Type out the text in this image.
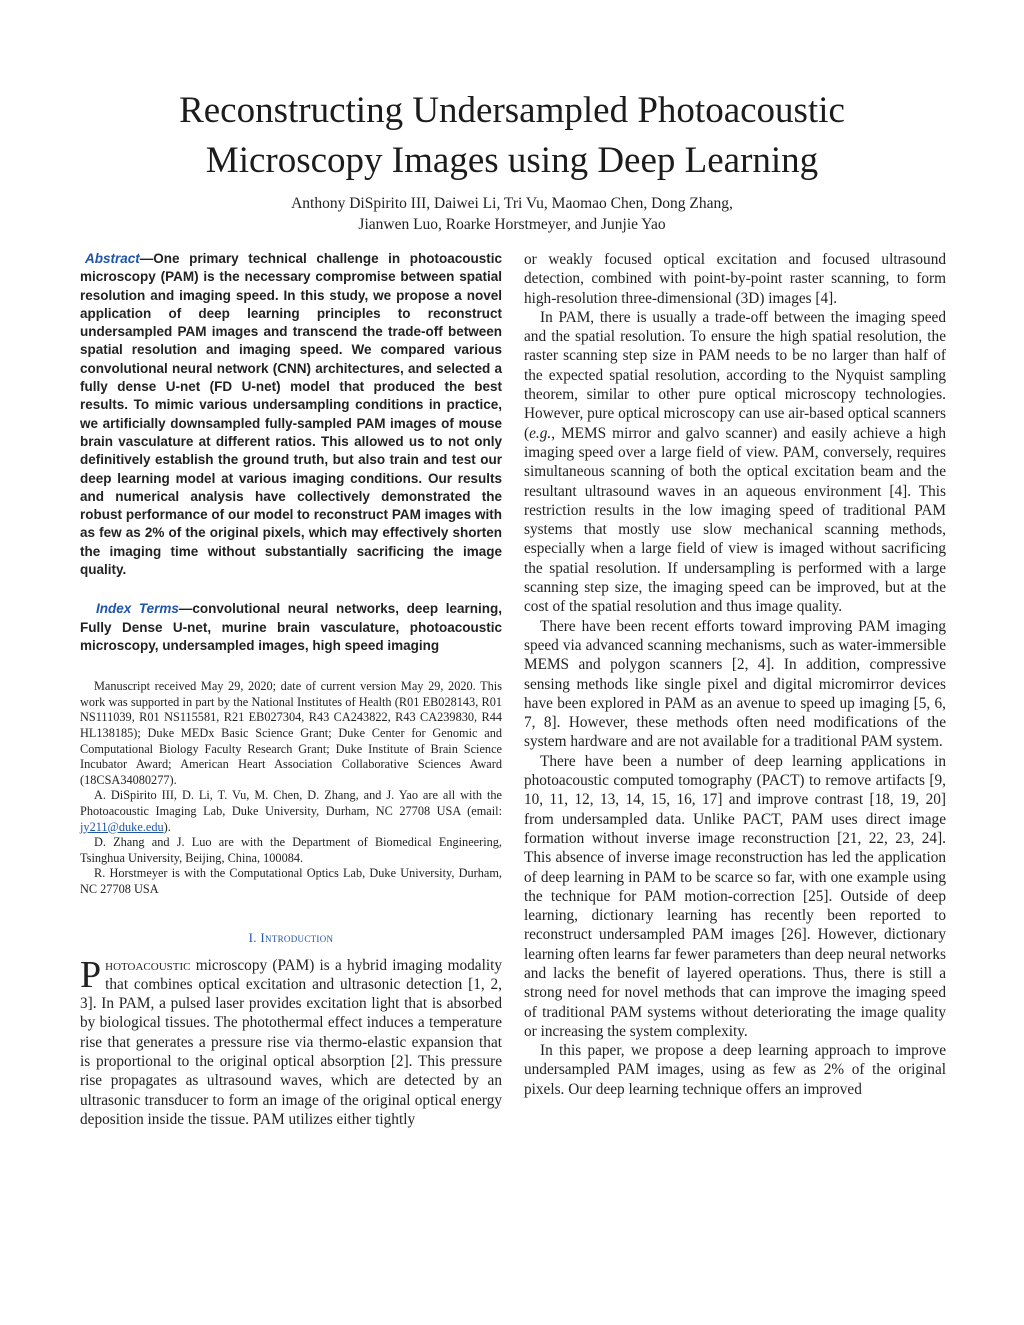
Reconstructing Undersampled Photoacoustic
Microscopy Images using Deep Learning
Anthony DiSpirito III, Daiwei Li, Tri Vu, Maomao Chen, Dong Zhang,
Jianwen Luo, Roarke Horstmeyer, and Junjie Yao

Abstract—One primary technical challenge in photoacoustic microscopy (PAM) is the necessary compromise between spatial resolution and imaging speed. In this study, we propose a novel application of deep learning principles to reconstruct undersampled PAM images and transcend the trade-off between spatial resolution and imaging speed. We compared various convolutional neural network (CNN) architectures, and selected a fully dense U-net (FD U-net) model that produced the best results. To mimic various undersampling conditions in practice, we artificially downsampled fully-sampled PAM images of mouse brain vasculature at different ratios. This allowed us to not only definitively establish the ground truth, but also train and test our deep learning model at various imaging conditions. Our results and numerical analysis have collectively demonstrated the robust performance of our model to reconstruct PAM images with as few as 2% of the original pixels, which may effectively shorten the imaging time without substantially sacrificing the image quality.

Index Terms—convolutional neural networks, deep learning, Fully Dense U-net, murine brain vasculature, photoacoustic microscopy, undersampled images, high speed imaging

Manuscript received May 29, 2020; date of current version May 29, 2020. This work was supported in part by the National Institutes of Health (R01 EB028143, R01 NS111039, R01 NS115581, R21 EB027304, R43 CA243822, R43 CA239830, R44 HL138185); Duke MEDx Basic Science Grant; Duke Center for Genomic and Computational Biology Faculty Research Grant; Duke Institute of Brain Science Incubator Award; American Heart Association Collaborative Sciences Award (18CSA34080277).

A. DiSpirito III, D. Li, T. Vu, M. Chen, D. Zhang, and J. Yao are all with the Photoacoustic Imaging Lab, Duke University, Durham, NC 27708 USA (email: jy211@duke.edu).

D. Zhang and J. Luo are with the Department of Biomedical Engineering, Tsinghua University, Beijing, China, 100084.

R. Horstmeyer is with the Computational Optics Lab, Duke University, Durham, NC 27708 USA

I. Introduction

Photoacoustic microscopy (PAM) is a hybrid imaging modality that combines optical excitation and ultrasonic detection [1, 2, 3]. In PAM, a pulsed laser provides excitation light that is absorbed by biological tissues. The photothermal effect induces a temperature rise that generates a pressure rise via thermo-elastic expansion that is proportional to the original optical absorption [2]. This pressure rise propagates as ultrasound waves, which are detected by an ultrasonic transducer to form an image of the original optical energy deposition inside the tissue. PAM utilizes either tightly

or weakly focused optical excitation and focused ultrasound detection, combined with point-by-point raster scanning, to form high-resolution three-dimensional (3D) images [4].

In PAM, there is usually a trade-off between the imaging speed and the spatial resolution. To ensure the high spatial resolution, the raster scanning step size in PAM needs to be no larger than half of the expected spatial resolution, according to the Nyquist sampling theorem, similar to other pure optical microscopy technologies. However, pure optical microscopy can use air-based optical scanners (e.g., MEMS mirror and galvo scanner) and easily achieve a high imaging speed over a large field of view. PAM, conversely, requires simultaneous scanning of both the optical excitation beam and the resultant ultrasound waves in an aqueous environment [4]. This restriction results in the low imaging speed of traditional PAM systems that mostly use slow mechanical scanning methods, especially when a large field of view is imaged without sacrificing the spatial resolution. If undersampling is performed with a large scanning step size, the imaging speed can be improved, but at the cost of the spatial resolution and thus image quality.

There have been recent efforts toward improving PAM imaging speed via advanced scanning mechanisms, such as water-immersible MEMS and polygon scanners [2, 4]. In addition, compressive sensing methods like single pixel and digital micromirror devices have been explored in PAM as an avenue to speed up imaging [5, 6, 7, 8]. However, these methods often need modifications of the system hardware and are not available for a traditional PAM system.

There have been a number of deep learning applications in photoacoustic computed tomography (PACT) to remove artifacts [9, 10, 11, 12, 13, 14, 15, 16, 17] and improve contrast [18, 19, 20] from undersampled data. Unlike PACT, PAM uses direct image formation without inverse image reconstruction [21, 22, 23, 24]. This absence of inverse image reconstruction has led the application of deep learning in PAM to be scarce so far, with one example using the technique for PAM motion-correction [25]. Outside of deep learning, dictionary learning has recently been reported to reconstruct undersampled PAM images [26]. However, dictionary learning often learns far fewer parameters than deep neural networks and lacks the benefit of layered operations. Thus, there is still a strong need for novel methods that can improve the imaging speed of traditional PAM systems without deteriorating the image quality or increasing the system complexity.

In this paper, we propose a deep learning approach to improve undersampled PAM images, using as few as 2% of the original pixels. Our deep learning technique offers an improved
